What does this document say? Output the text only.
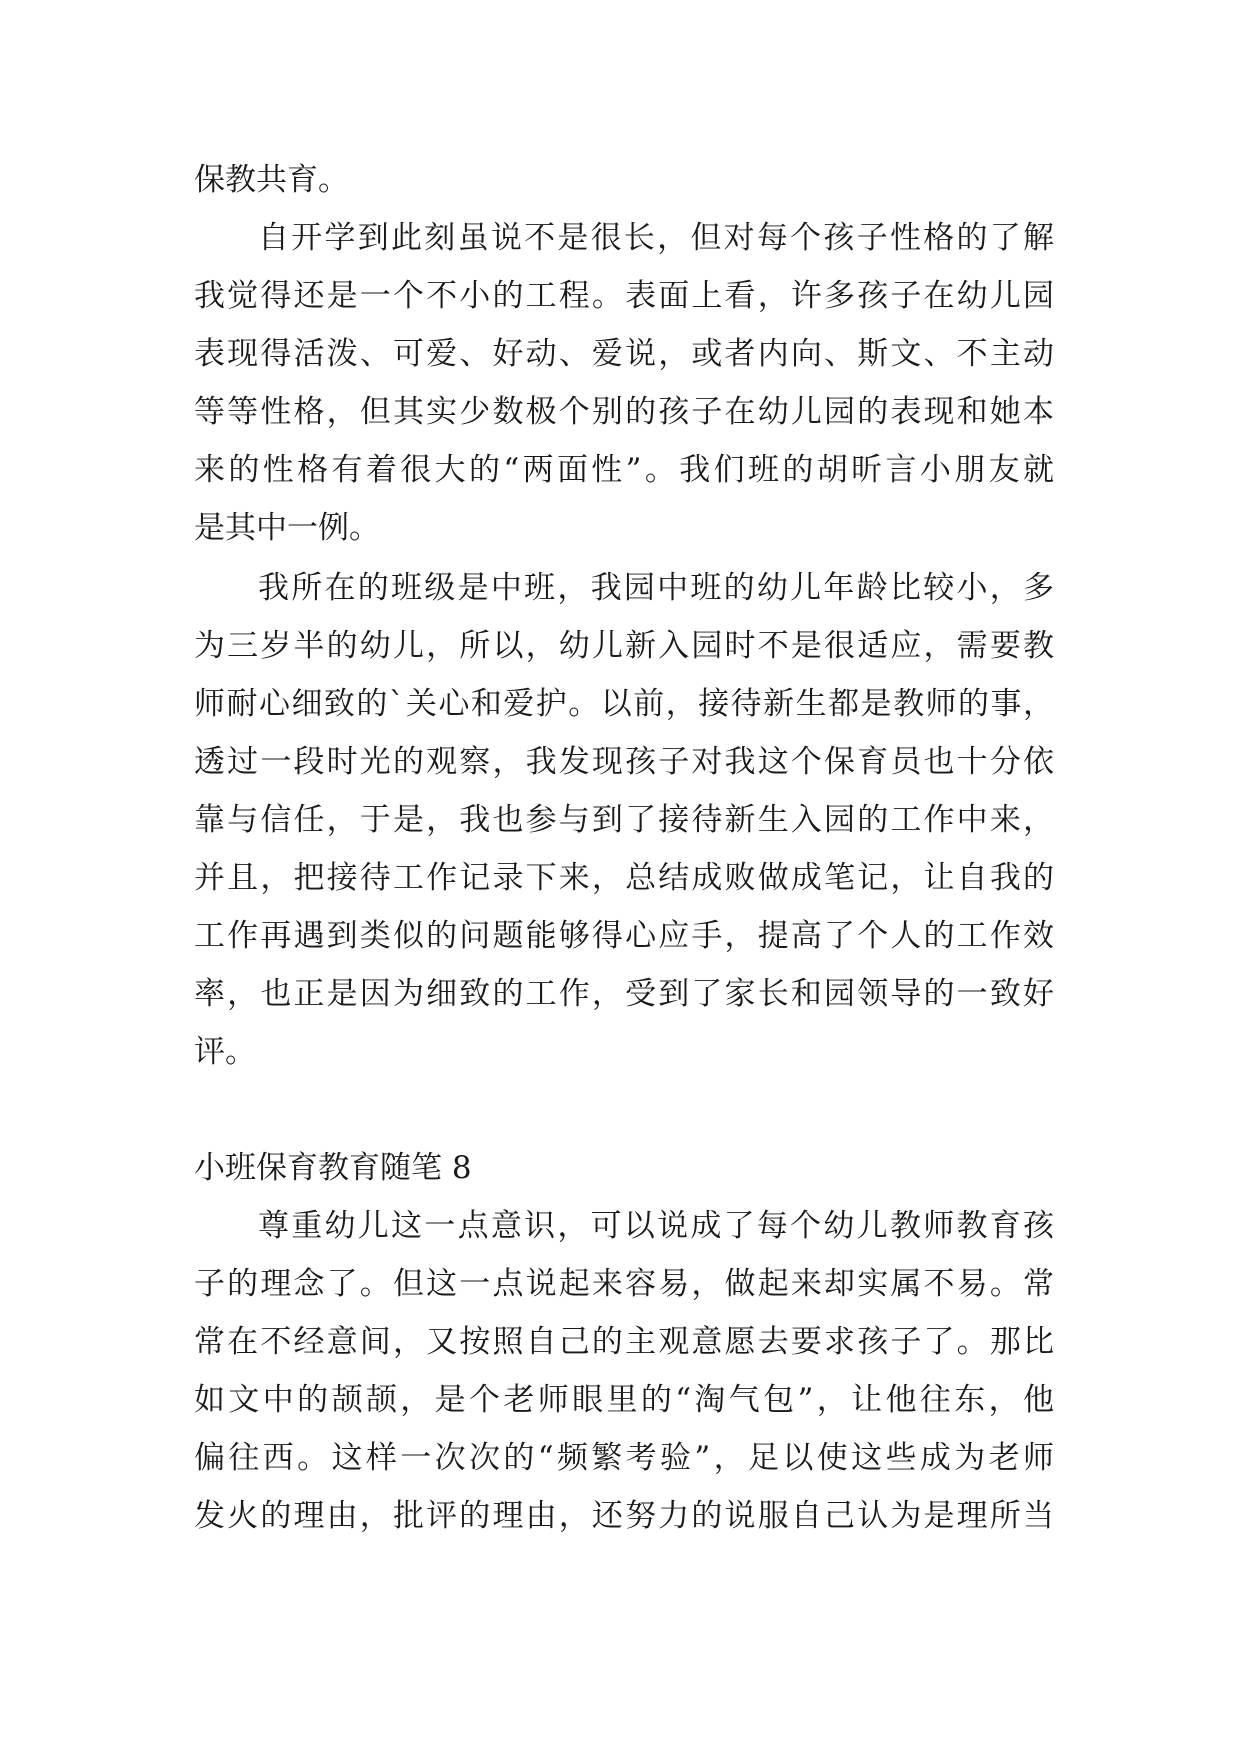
保教共育。
自开学到此刻虽说不是很长，但对每个孩子性格的了解
我觉得还是一个不小的工程。表面上看，许多孩子在幼儿园
表现得活泼、可爱、好动、爱说，或者内向、斯文、不主动
等等性格，但其实少数极个别的孩子在幼儿园的表现和她本
来的性格有着很大的“两面性”。我们班的胡昕言小朋友就
是其中一例。
我所在的班级是中班，我园中班的幼儿年龄比较小，多
为三岁半的幼儿，所以，幼儿新入园时不是很适应，需要教
师耐心细致的`关心和爱护。以前，接待新生都是教师的事，
透过一段时光的观察，我发现孩子对我这个保育员也十分依
靠与信任，于是，我也参与到了接待新生入园的工作中来，
并且，把接待工作记录下来，总结成败做成笔记，让自我的
工作再遇到类似的问题能够得心应手，提高了个人的工作效
率，也正是因为细致的工作，受到了家长和园领导的一致好
评。
小班保育教育随笔 8
尊重幼儿这一点意识，可以说成了每个幼儿教师教育孩
子的理念了。但这一点说起来容易，做起来却实属不易。常
常在不经意间，又按照自己的主观意愿去要求孩子了。那比
如文中的颉颉，是个老师眼里的“淘气包”，让他往东，他
偏往西。这样一次次的“频繁考验”，足以使这些成为老师
发火的理由，批评的理由，还努力的说服自己认为是理所当
